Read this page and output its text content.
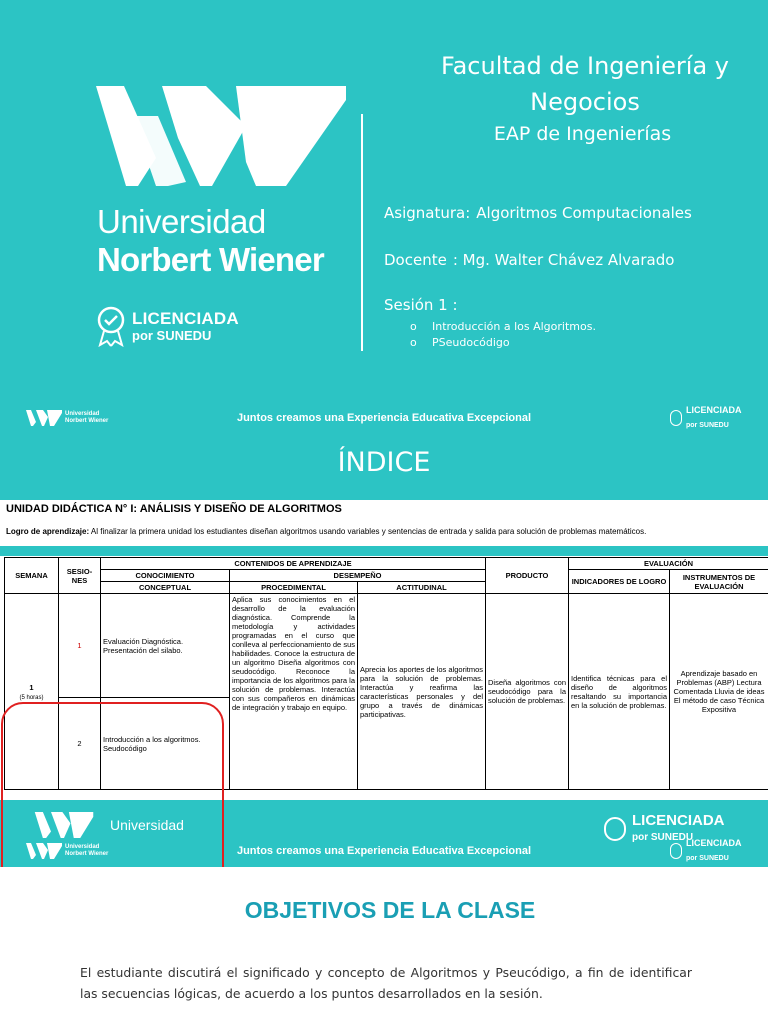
Universidad
Norbert Wiener
LICENCIADA
por SUNEDU
Facultad de Ingeniería y Negocios
EAP de Ingenierías
Asignatura: Algoritmos Computacionales
Docente : Mg. Walter Chávez Alvarado
Sesión 1 :
o Introducción a los Algoritmos.
o PSeudocódigo
Universidad
Norbert Wiener	Juntos creamos una Experiencia Educativa Excepcional
LICENCIADA
por SUNEDU
ÍNDICE
UNIDAD DIDÁCTICA N° I: ANÁLISIS Y DISEÑO DE ALGORITMOS
Logro de aprendizaje: Al finalizar la primera unidad los estudiantes diseñan algoritmos usando variables y sentencias de entrada y salida para solución de problemas matemáticos.
SEMANA	SESIO-NES	CONTENIDOS DE APRENDIZAJE			PRODUCTO	EVALUACIÓN	
		CONOCIMIENTO	DESEMPEÑO			INDICADORES DE LOGRO	INSTRUMENTOS DE EVALUACIÓN
		CONCEPTUAL	PROCEDIMENTAL	ACTITUDINAL			
1
(5 horas)	1	Evaluación Diagnóstica. Presentación del silabo.	Aplica sus conocimientos en el desarrollo de la evaluación diagnóstica. Comprende la metodología y actividades programadas en el curso que conlleva al perfeccionamiento de sus habilidades. Conoce la estructura de un algoritmo Diseña algoritmos con seudocódigo. Reconoce la importancia de los algoritmos para la solución de problemas. Interactúa con sus compañeros en dinámicas de integración y trabajo en equipo.	Aprecia los aportes de los algoritmos para la solución de problemas. Interactúa y reafirma las características personales y del grupo a través de dinámicas participativas.	Diseña algoritmos con seudocódigo para la solución de problemas.	Identifica técnicas para el diseño de algoritmos resaltando su importancia en la solución de problemas.	Aprendizaje basado en Problemas (ABP) Lectura Comentada Lluvia de ideas El método de caso Técnica Expositiva
	2	Introducción a los algoritmos. Seudocódigo					
Universidad	LICENCIADA
por SUNEDU
Universidad
Norbert Wiener	Juntos creamos una Experiencia Educativa Excepcional
LICENCIADA
por SUNEDU
OBJETIVOS DE LA CLASE
El estudiante discutirá el significado y concepto de Algoritmos y Pseucódigo, a fin de identificar las secuencias lógicas, de acuerdo a los puntos desarrollados en la sesión.
